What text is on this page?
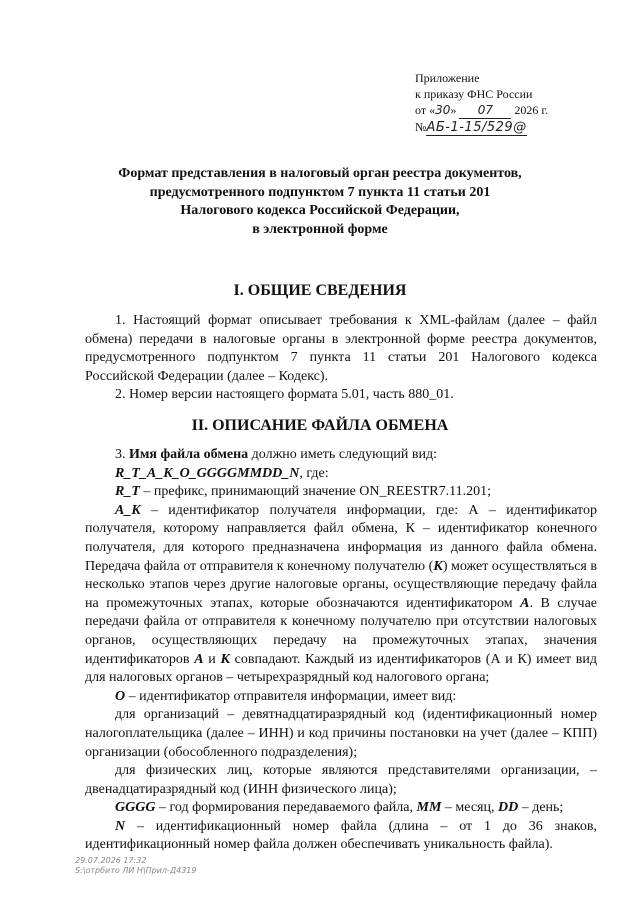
Приложение
к приказу ФНС России
от «30» 07 2026 г.
№АБ-1-15/529@
Формат представления в налоговый орган реестра документов,
предусмотренного подпунктом 7 пункта 11 статьи 201
Налогового кодекса Российской Федерации,
в электронной форме
I. ОБЩИЕ СВЕДЕНИЯ

1. Настоящий формат описывает требования к XML-файлам (далее – файл обмена) передачи в налоговые органы в электронной форме реестра документов, предусмотренного подпунктом 7 пункта 11 статьи 201 Налогового кодекса Российской Федерации (далее – Кодекс).

2. Номер версии настоящего формата 5.01, часть 880_01.

II. ОПИСАНИЕ ФАЙЛА ОБМЕНА

3. Имя файла обмена должно иметь следующий вид:

R_T_A_K_O_GGGGMMDD_N, где:

R_T – префикс, принимающий значение ON_REESTR7.11.201;

A_K – идентификатор получателя информации, где: А – идентификатор получателя, которому направляется файл обмена, К – идентификатор конечного получателя, для которого предназначена информация из данного файла обмена. Передача файла от отправителя к конечному получателю (К) может осуществляться в несколько этапов через другие налоговые органы, осуществляющие передачу файла на промежуточных этапах, которые обозначаются идентификатором А. В случае передачи файла от отправителя к конечному получателю при отсутствии налоговых органов, осуществляющих передачу на промежуточных этапах, значения идентификаторов А и К совпадают. Каждый из идентификаторов (А и К) имеет вид для налоговых органов – четырехразрядный код налогового органа;

O – идентификатор отправителя информации, имеет вид:

для организаций – девятнадцатиразрядный код (идентификационный номер налогоплательщика (далее – ИНН) и код причины постановки на учет (далее – КПП) организации (обособленного подразделения);

для физических лиц, которые являются представителями организации, – двенадцатиразрядный код (ИНН физического лица);

GGGG – год формирования передаваемого файла, MM – месяц, DD – день;

N – идентификационный номер файла (длина – от 1 до 36 знаков, идентификационный номер файла должен обеспечивать уникальность файла).

29.07.2026 17:32
Ѕ:\отрбито ЛИ Н\Прил-Д4319
